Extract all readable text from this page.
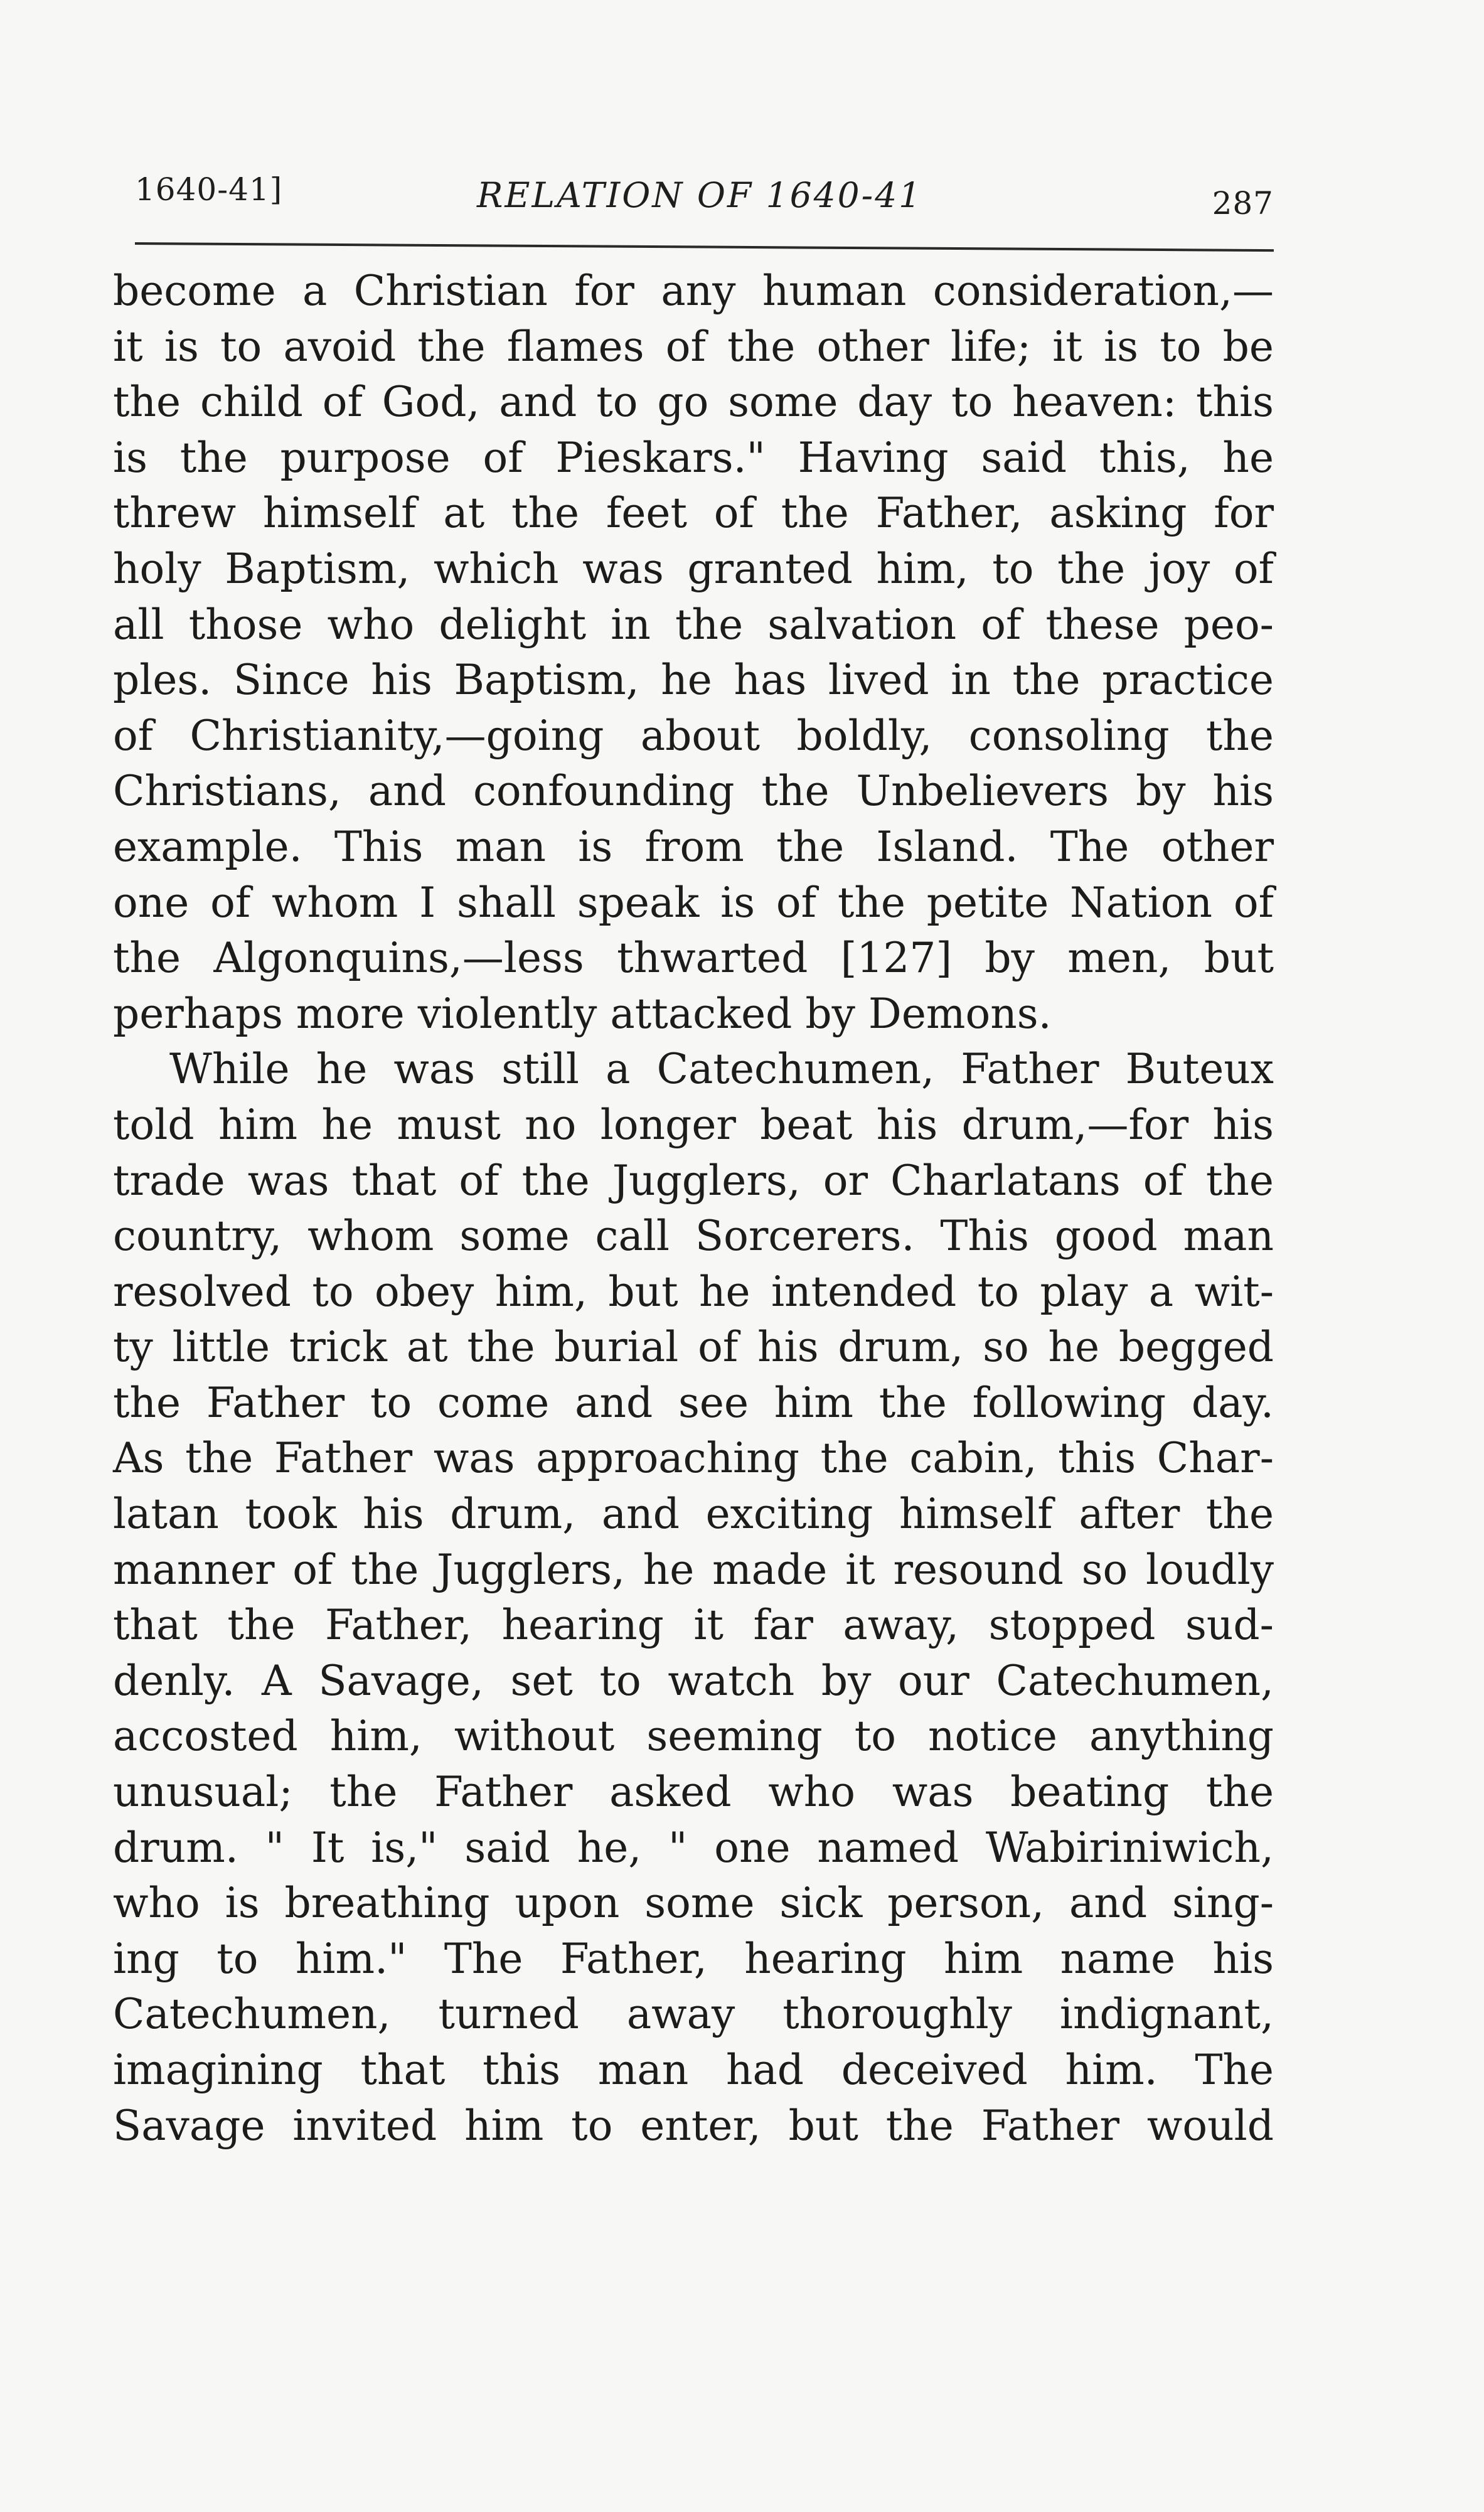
1640-41]	RELATION OF 1640-41	287
become a Christian for any human consideration,—
it is to avoid the flames of the other life; it is to be
the child of God, and to go some day to heaven: this
is the purpose of Pieskars." Having said this, he
threw himself at the feet of the Father, asking for
holy Baptism, which was granted him, to the joy of
all those who delight in the salvation of these peo-
ples. Since his Baptism, he has lived in the practice
of Christianity,—going about boldly, consoling the
Christians, and confounding the Unbelievers by his
example. This man is from the Island. The other
one of whom I shall speak is of the petite Nation of
the Algonquins,—less thwarted [127] by men, but
perhaps more violently attacked by Demons.
While he was still a Catechumen, Father Buteux
told him he must no longer beat his drum,—for his
trade was that of the Jugglers, or Charlatans of the
country, whom some call Sorcerers. This good man
resolved to obey him, but he intended to play a wit-
ty little trick at the burial of his drum, so he begged
the Father to come and see him the following day.
As the Father was approaching the cabin, this Char-
latan took his drum, and exciting himself after the
manner of the Jugglers, he made it resound so loudly
that the Father, hearing it far away, stopped sud-
denly. A Savage, set to watch by our Catechumen,
accosted him, without seeming to notice anything
unusual; the Father asked who was beating the
drum. " It is," said he, " one named Wabiriniwich,
who is breathing upon some sick person, and sing-
ing to him." The Father, hearing him name his
Catechumen, turned away thoroughly indignant,
imagining that this man had deceived him. The
Savage invited him to enter, but the Father would
